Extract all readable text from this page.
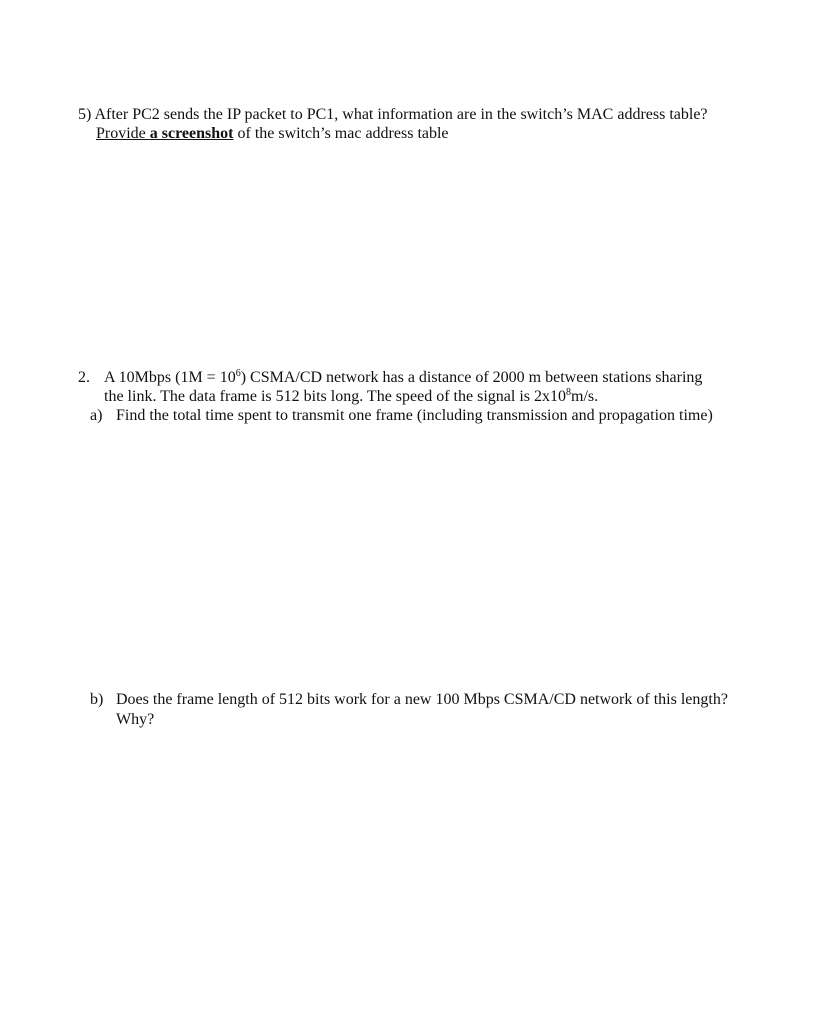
5) After PC2 sends the IP packet to PC1, what information are in the switch’s MAC address table?
Provide a screenshot of the switch’s mac address table
2. A 10Mbps $(1M = 10^6)$ CSMA/CD network has a distance of 2000 m between stations sharing
the link. The data frame is 512 bits long. The speed of the signal is $2x10^8m/s$.
a) Find the total time spent to transmit one frame (including transmission and propagation time)
b) Does the frame length of 512 bits work for a new 100 Mbps CSMA/CD network of this length?
Why?
